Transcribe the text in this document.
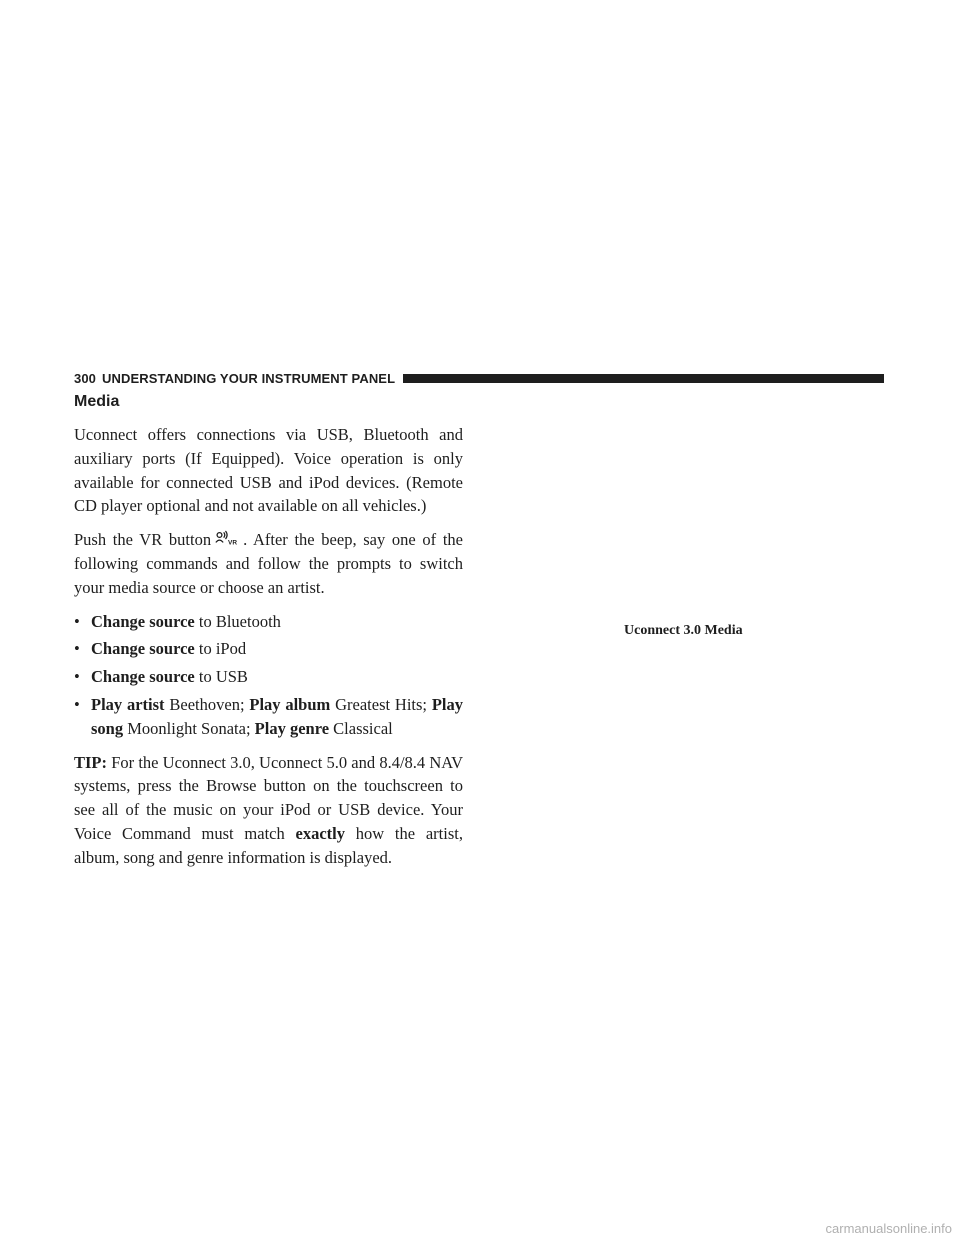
300 UNDERSTANDING YOUR INSTRUMENT PANEL
Media

Uconnect offers connections via USB, Bluetooth and auxiliary ports (If Equipped). Voice operation is only available for connected USB and iPod devices. (Remote CD player optional and not available on all vehicles.)

Push the VR button	VR . After the beep, say one of the following commands and follow the prompts to switch your media source or choose an artist.

• Change source to Bluetooth
• Change source to iPod
• Change source to USB
• Play artist Beethoven; Play album Greatest Hits; Play song Moonlight Sonata; Play genre Classical

TIP: For the Uconnect 3.0, Uconnect 5.0 and 8.4/8.4 NAV systems, press the Browse button on the touchscreen to see all of the music on your iPod or USB device. Your Voice Command must match exactly how the artist, album, song and genre information is displayed.

Uconnect 3.0 Media
carmanualsonline.info
